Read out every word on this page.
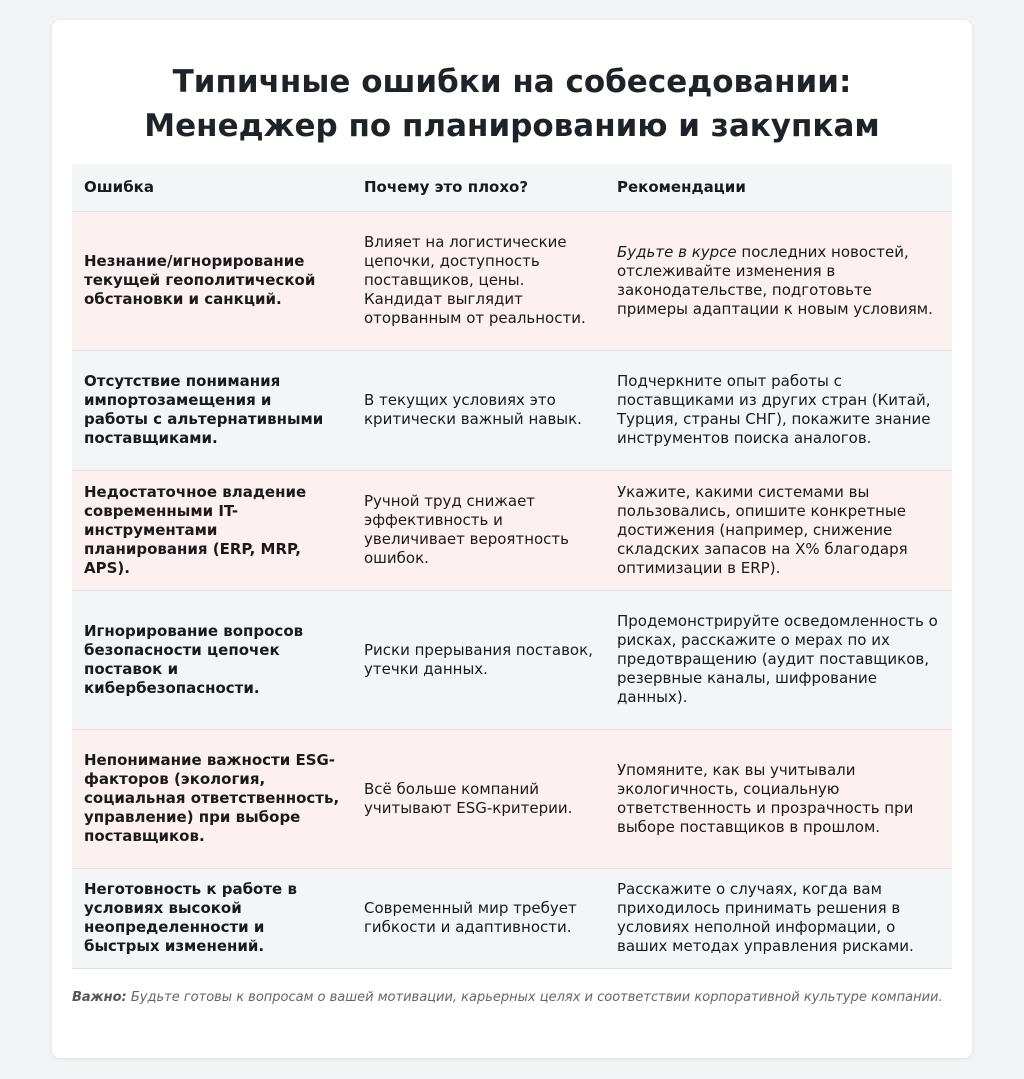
Типичные ошибки на собеседовании:
Менеджер по планированию и закупкам
Ошибка	Почему это плохо?	Рекомендации
Незнание/игнорирование текущей геополитической обстановки и санкций.	Влияет на логистические цепочки, доступность поставщиков, цены. Кандидат выглядит оторванным от реальности.	Будьте в курсе последних новостей, отслеживайте изменения в законодательстве, подготовьте примеры адаптации к новым условиям.
Отсутствие понимания импортозамещения и работы с альтернативными поставщиками.	В текущих условиях это критически важный навык.	Подчеркните опыт работы с поставщиками из других стран (Китай, Турция, страны СНГ), покажите знание инструментов поиска аналогов.
Недостаточное владение современными IT-инструментами планирования (ERP, MRP, APS).	Ручной труд снижает эффективность и увеличивает вероятность ошибок.	Укажите, какими системами вы пользовались, опишите конкретные достижения (например, снижение складских запасов на X% благодаря оптимизации в ERP).
Игнорирование вопросов безопасности цепочек поставок и кибербезопасности.	Риски прерывания поставок, утечки данных.	Продемонстрируйте осведомленность о рисках, расскажите о мерах по их предотвращению (аудит поставщиков, резервные каналы, шифрование данных).
Непонимание важности ESG-факторов (экология, социальная ответственность, управление) при выборе поставщиков.	Всё больше компаний учитывают ESG-критерии.	Упомяните, как вы учитывали экологичность, социальную ответственность и прозрачность при выборе поставщиков в прошлом.
Неготовность к работе в условиях высокой неопределенности и быстрых изменений.	Современный мир требует гибкости и адаптивности.	Расскажите о случаях, когда вам приходилось принимать решения в условиях неполной информации, о ваших методах управления рисками.

Важно: Будьте готовы к вопросам о вашей мотивации, карьерных целях и соответствии корпоративной культуре компании.
